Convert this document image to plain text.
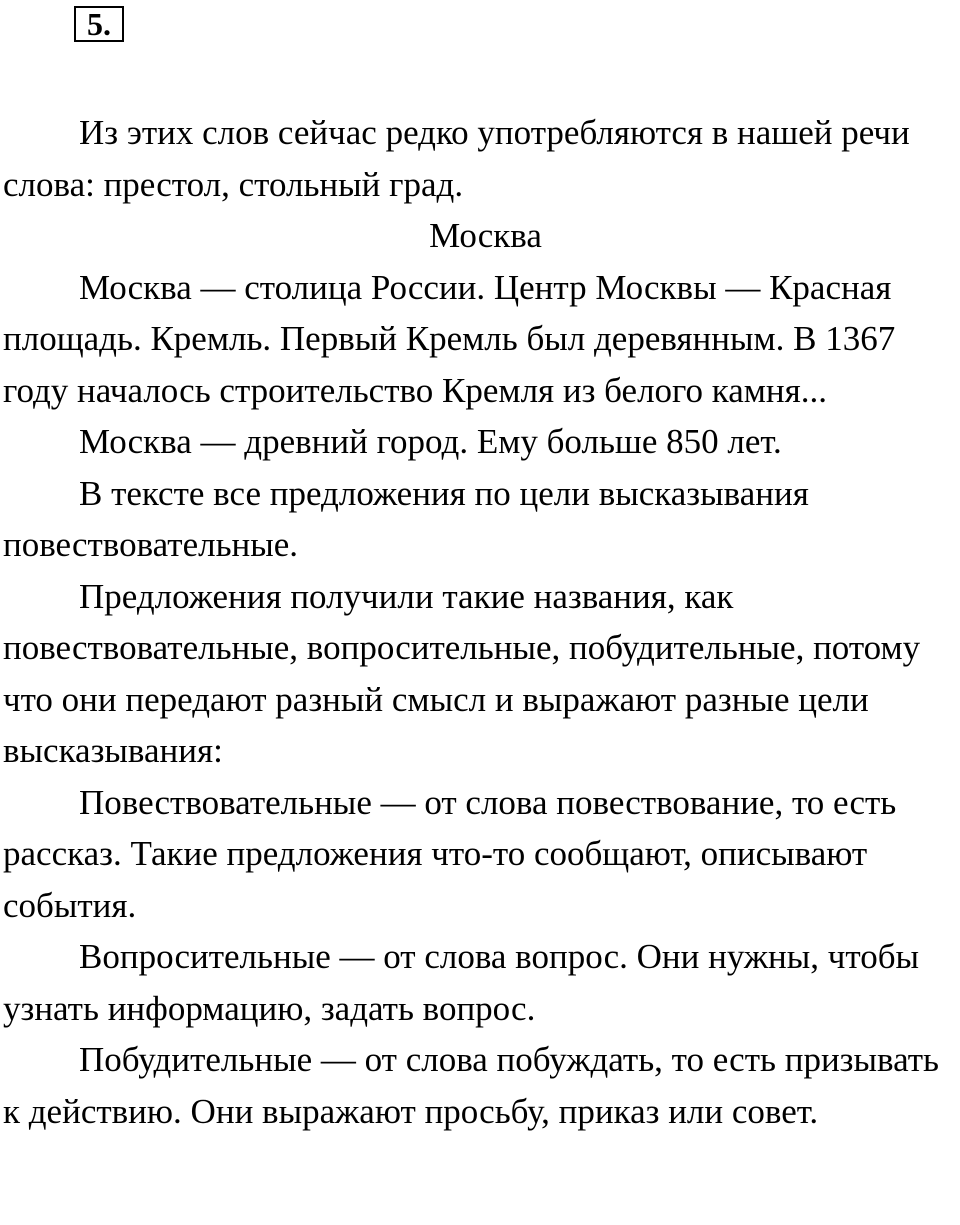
5.

Из этих слов сейчас редко употребляются в нашей речи слова: престол, стольный град.

Москва

Москва — столица России. Центр Москвы — Красная площадь. Кремль. Первый Кремль был деревянным. В 1367 году началось строительство Кремля из белого камня...

Москва — древний город. Ему больше 850 лет.

В тексте все предложения по цели высказывания повествовательные.

Предложения получили такие названия, как повествовательные, вопросительные, побудительные, потому что они передают разный смысл и выражают разные цели высказывания:

Повествовательные — от слова повествование, то есть рассказ. Такие предложения что-то сообщают, описывают события.

Вопросительные — от слова вопрос. Они нужны, чтобы узнать информацию, задать вопрос.

Побудительные — от слова побуждать, то есть призывать к действию. Они выражают просьбу, приказ или совет.
